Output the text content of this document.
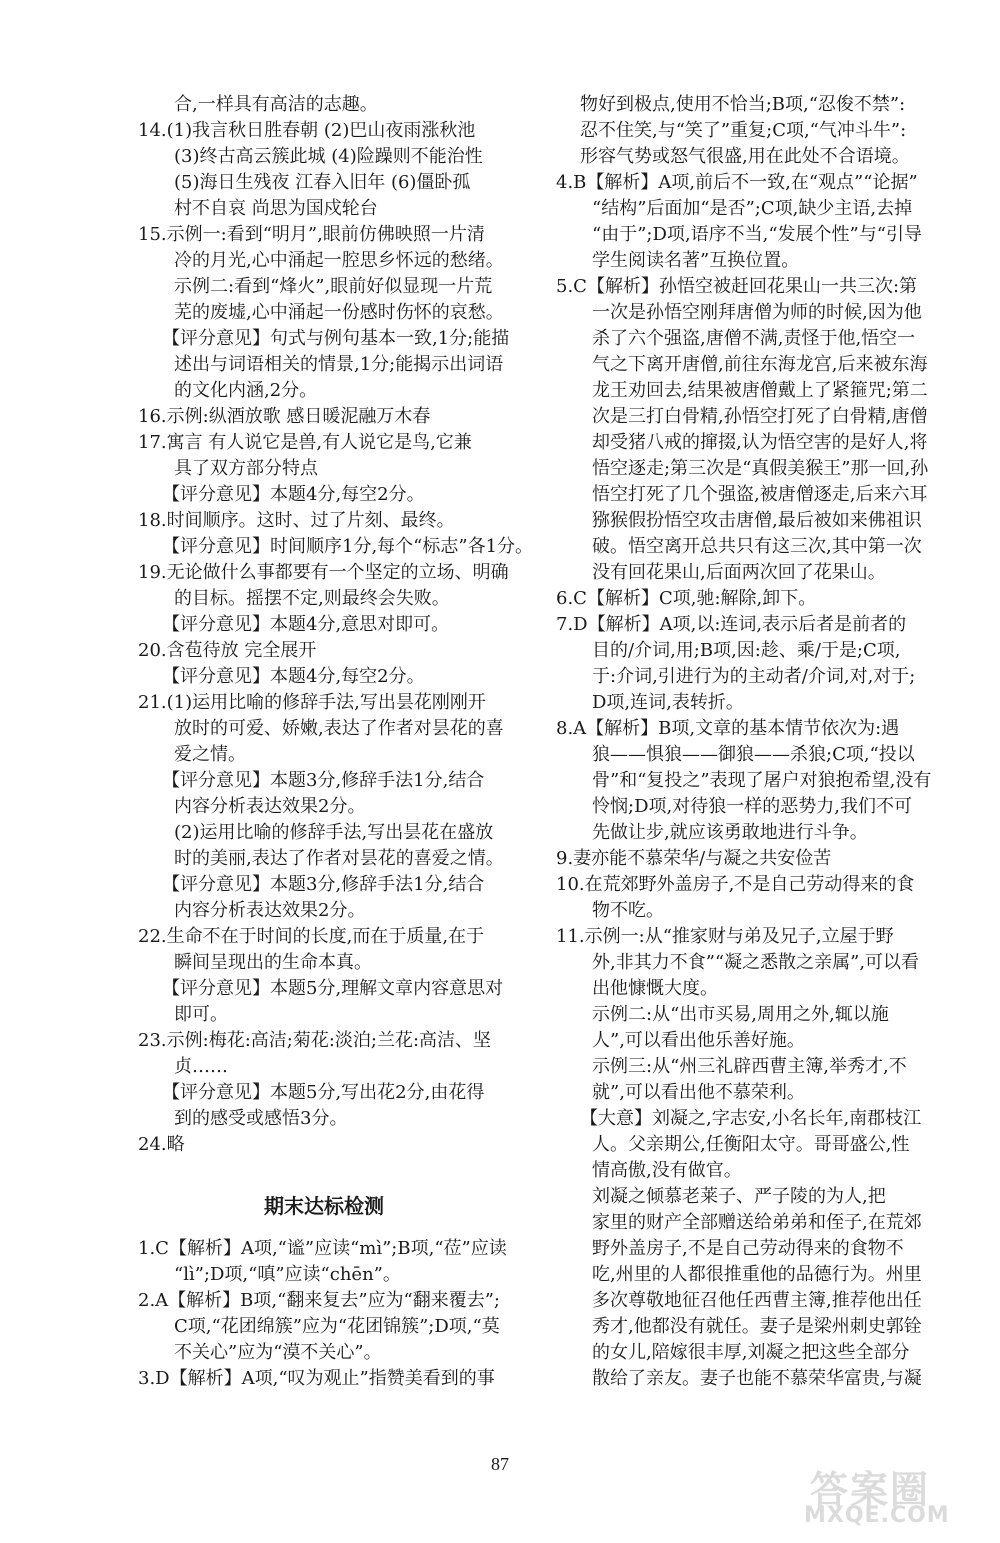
合,一样具有高洁的志趣。
14.(1)我言秋日胜春朝 (2)巴山夜雨涨秋池
(3)终古高云簇此城 (4)险躁则不能治性
(5)海日生残夜 江春入旧年 (6)僵卧孤
村不自哀 尚思为国戍轮台
15.示例一:看到“明月”,眼前仿佛映照一片清
冷的月光,心中涌起一腔思乡怀远的愁绪。
示例二:看到“烽火”,眼前好似显现一片荒
芜的废墟,心中涌起一份感时伤怀的哀愁。
【评分意见】句式与例句基本一致,1分;能描
述出与词语相关的情景,1分;能揭示出词语
的文化内涵,2分。
16.示例:纵酒放歌 感日暖泥融万木春
17.寓言 有人说它是兽,有人说它是鸟,它兼
具了双方部分特点
【评分意见】本题4分,每空2分。
18.时间顺序。这时、过了片刻、最终。
【评分意见】时间顺序1分,每个“标志”各1分。
19.无论做什么事都要有一个坚定的立场、明确
的目标。摇摆不定,则最终会失败。
【评分意见】本题4分,意思对即可。
20.含苞待放 完全展开
【评分意见】本题4分,每空2分。
21.(1)运用比喻的修辞手法,写出昙花刚刚开
放时的可爱、娇嫩,表达了作者对昙花的喜
爱之情。
【评分意见】本题3分,修辞手法1分,结合
内容分析表达效果2分。
(2)运用比喻的修辞手法,写出昙花在盛放
时的美丽,表达了作者对昙花的喜爱之情。
【评分意见】本题3分,修辞手法1分,结合
内容分析表达效果2分。
22.生命不在于时间的长度,而在于质量,在于
瞬间呈现出的生命本真。
【评分意见】本题5分,理解文章内容意思对
即可。
23.示例:梅花:高洁;菊花:淡泊;兰花:高洁、坚
贞……
【评分意见】本题5分,写出花2分,由花得
到的感受或感悟3分。
24.略
期末达标检测
1.C【解析】A项,“谧”应读“mì”;B项,“莅”应读
“lì”;D项,“嗔”应读“chēn”。
2.A【解析】B项,“翻来复去”应为“翻来覆去”;
C项,“花团绵簇”应为“花团锦簇”;D项,“莫
不关心”应为“漠不关心”。
3.D【解析】A项,“叹为观止”指赞美看到的事
物好到极点,使用不恰当;B项,“忍俊不禁”:
忍不住笑,与“笑了”重复;C项,“气冲斗牛”:
形容气势或怒气很盛,用在此处不合语境。
4.B【解析】A项,前后不一致,在“观点”“论据”
“结构”后面加“是否”;C项,缺少主语,去掉
“由于”;D项,语序不当,“发展个性”与“引导
学生阅读名著”互换位置。
5.C【解析】孙悟空被赶回花果山一共三次:第
一次是孙悟空刚拜唐僧为师的时候,因为他
杀了六个强盗,唐僧不满,责怪于他,悟空一
气之下离开唐僧,前往东海龙宫,后来被东海
龙王劝回去,结果被唐僧戴上了紧箍咒;第二
次是三打白骨精,孙悟空打死了白骨精,唐僧
却受猪八戒的撺掇,认为悟空害的是好人,将
悟空逐走;第三次是“真假美猴王”那一回,孙
悟空打死了几个强盗,被唐僧逐走,后来六耳
猕猴假扮悟空攻击唐僧,最后被如来佛祖识
破。悟空离开总共只有这三次,其中第一次
没有回花果山,后面两次回了花果山。
6.C【解析】C项,驰:解除,卸下。
7.D【解析】A项,以:连词,表示后者是前者的
目的/介词,用;B项,因:趁、乘/于是;C项,
于:介词,引进行为的主动者/介词,对,对于;
D项,连词,表转折。
8.A【解析】B项,文章的基本情节依次为:遇
狼——惧狼——御狼——杀狼;C项,“投以
骨”和“复投之”表现了屠户对狼抱希望,没有
怜悯;D项,对待狼一样的恶势力,我们不可
先做让步,就应该勇敢地进行斗争。
9.妻亦能不慕荣华/与凝之共安俭苦
10.在荒郊野外盖房子,不是自己劳动得来的食
物不吃。
11.示例一:从“推家财与弟及兄子,立屋于野
外,非其力不食”“凝之悉散之亲属”,可以看
出他慷慨大度。
示例二:从“出市买易,周用之外,辄以施
人”,可以看出他乐善好施。
示例三:从“州三礼辟西曹主簿,举秀才,不
就”,可以看出他不慕荣利。
【大意】刘凝之,字志安,小名长年,南郡枝江
人。父亲期公,任衡阳太守。哥哥盛公,性
情高傲,没有做官。
刘凝之倾慕老莱子、严子陵的为人,把
家里的财产全部赠送给弟弟和侄子,在荒郊
野外盖房子,不是自己劳动得来的食物不
吃,州里的人都很推重他的品德行为。州里
多次尊敬地征召他任西曹主簿,推荐他出任
秀才,他都没有就任。妻子是梁州刺史郭铨
的女儿,陪嫁很丰厚,刘凝之把这些全部分
散给了亲友。妻子也能不慕荣华富贵,与凝
87
答案圈
MXQE.COM
